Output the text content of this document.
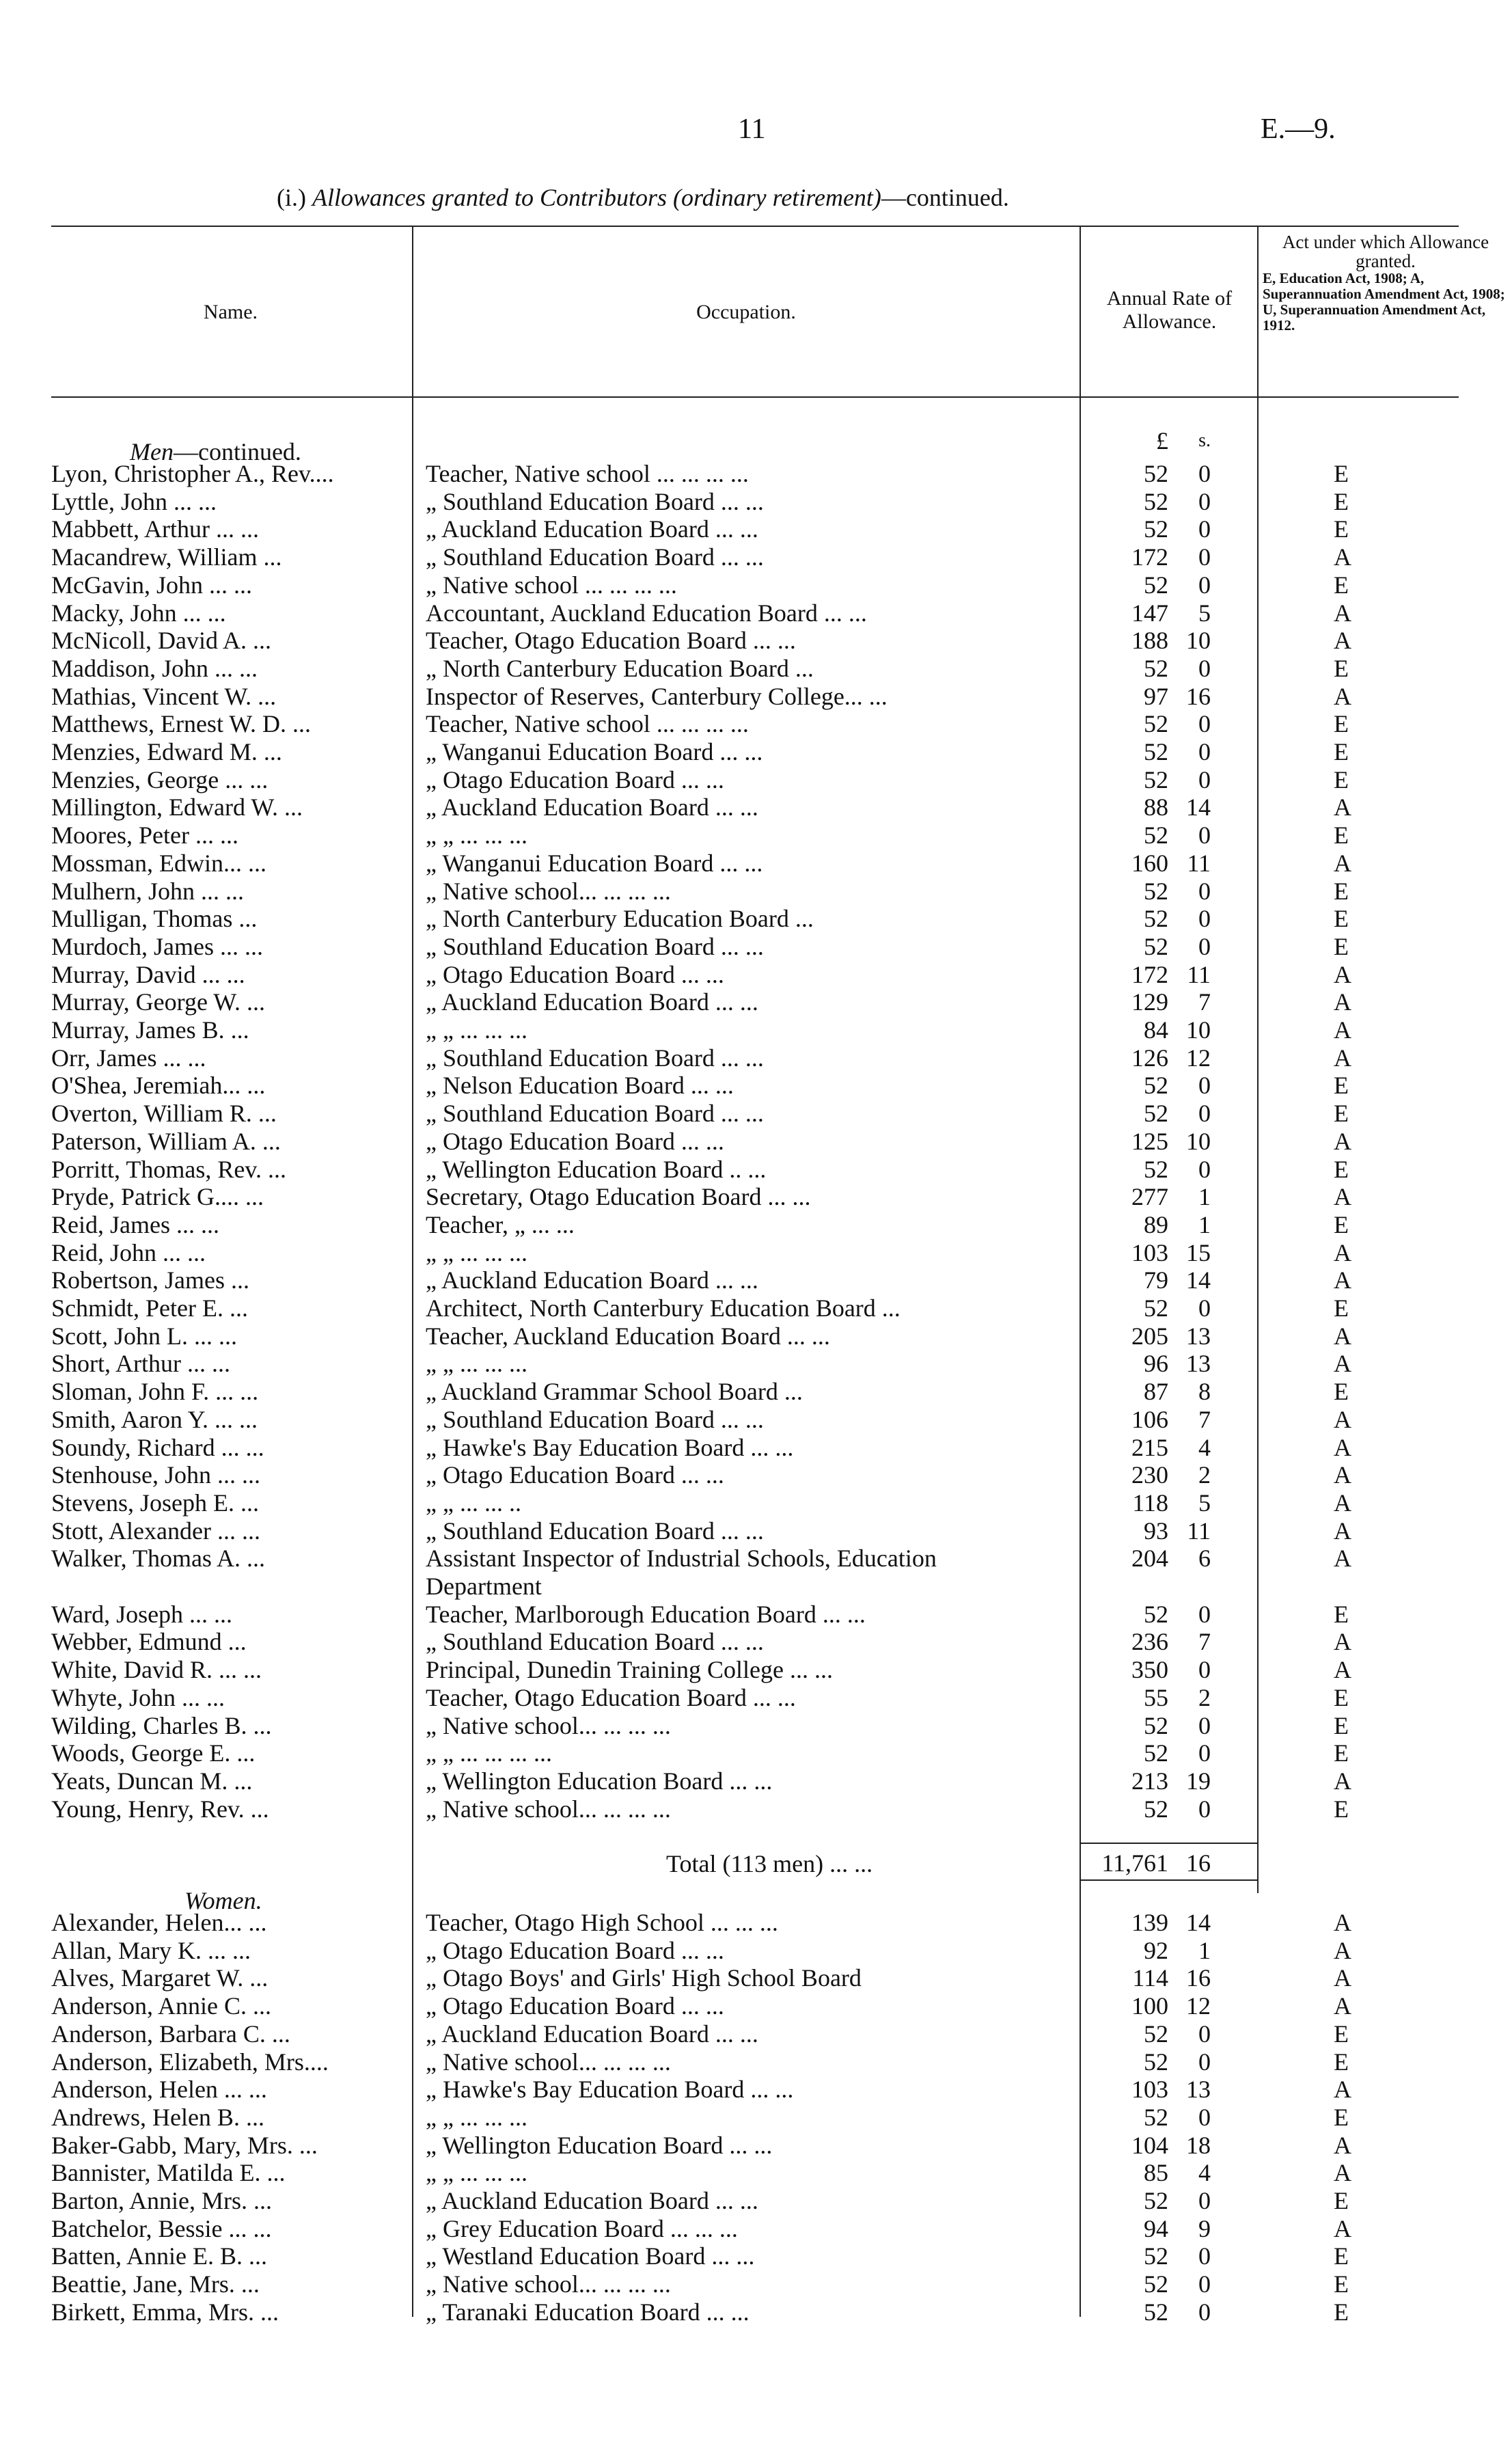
11	E.—9.
(i.) Allowances granted to Contributors (ordinary retirement)—continued.
Name.	Occupation.
Annual Rate of Allowance.
Act under which Allowance granted.
E, Education Act, 1908; A, Superannuation Amendment Act, 1908; U, Superannuation Amendment Act, 1912.
£	s.
Men—continued.
Lyon, Christopher A., Rev....	Teacher, Native school ... ... ... ...	52	0	E
Lyttle, John ... ...	„ Southland Education Board ... ...	52	0	E
Mabbett, Arthur ... ...	„ Auckland Education Board ... ...	52	0	E
Macandrew, William ...	„ Southland Education Board ... ...	172	0	A
McGavin, John ... ...	„ Native school ... ... ... ...	52	0	E
Macky, John ... ...	Accountant, Auckland Education Board ... ...	147	5	A
McNicoll, David A. ...	Teacher, Otago Education Board ... ...	188 10	A
Maddison, John ... ...	„ North Canterbury Education Board ...	52	0	E
Mathias, Vincent W. ...	Inspector of Reserves, Canterbury College... ...	97 16	A
Matthews, Ernest W. D. ...	Teacher, Native school ... ... ... ...	52	0	E
Menzies, Edward M. ...	„ Wanganui Education Board ... ...	52	0	E
Menzies, George ... ...	„ Otago Education Board ... ...	52	0	E
Millington, Edward W. ...	„ Auckland Education Board ... ...	88 14	A
Moores, Peter ... ...	„ „ ... ... ...	52	0	E
Mossman, Edwin... ...	„ Wanganui Education Board ... ...	160 11	A
Mulhern, John ... ...	„ Native school... ... ... ...	52	0	E
Mulligan, Thomas ...	„ North Canterbury Education Board ...	52	0	E
Murdoch, James ... ...	„ Southland Education Board ... ...	52	0	E
Murray, David ... ...	„ Otago Education Board ... ...	172 11	A
Murray, George W. ...	„ Auckland Education Board ... ...	129	7	A
Murray, James B. ...	„ „ ... ... ...	84 10	A
Orr, James ... ...	„ Southland Education Board ... ...	126 12	A
O'Shea, Jeremiah... ...	„ Nelson Education Board ... ...	52	0	E
Overton, William R. ...	„ Southland Education Board ... ...	52	0	E
Paterson, William A. ...	„ Otago Education Board ... ...	125 10	A
Porritt, Thomas, Rev. ...	„ Wellington Education Board .. ...	52	0	E
Pryde, Patrick G.... ...	Secretary, Otago Education Board ... ...	277	1	A
Reid, James ... ...	Teacher, „ ... ...	89	1	E
Reid, John ... ...	„ „ ... ... ...	103 15	A
Robertson, James ...	„ Auckland Education Board ... ...	79 14	A
Schmidt, Peter E. ...	Architect, North Canterbury Education Board ...	52	0	E
Scott, John L. ... ...	Teacher, Auckland Education Board ... ...	205 13	A
Short, Arthur ... ...	„ „ ... ... ...	96 13	A
Sloman, John F. ... ...	„ Auckland Grammar School Board ...	87	8	E
Smith, Aaron Y. ... ...	„ Southland Education Board ... ...	106	7	A
Soundy, Richard ... ...	„ Hawke's Bay Education Board ... ...	215	4	A
Stenhouse, John ... ...	„ Otago Education Board ... ...	230	2	A
Stevens, Joseph E. ...	„ „ ... ... ..	118	5	A
Stott, Alexander ... ...	„ Southland Education Board ... ...	93 11	A
Walker, Thomas A. ...	Assistant Inspector of Industrial Schools, Education	204	6	A
Department
Ward, Joseph ... ...	Teacher, Marlborough Education Board ... ...	52	0	E
Webber, Edmund ...	„ Southland Education Board ... ...	236	7	A
White, David R. ... ...	Principal, Dunedin Training College ... ...	350	0	A
Whyte, John ... ...	Teacher, Otago Education Board ... ...	55	2	E
Wilding, Charles B. ...	„ Native school... ... ... ...	52	0	E
Woods, George E. ...	„ „ ... ... ... ...	52	0	E
Yeats, Duncan M. ...	„ Wellington Education Board ... ...	213 19	A
Young, Henry, Rev. ...	„ Native school... ... ... ...	52	0	E
Total (113 men) ... ...	11,761 16
Women.
Alexander, Helen... ...	Teacher, Otago High School ... ... ...	139 14	A
Allan, Mary K. ... ...	„ Otago Education Board ... ...	92	1	A
Alves, Margaret W. ...	„ Otago Boys' and Girls' High School Board	114 16	A
Anderson, Annie C. ...	„ Otago Education Board ... ...	100 12	A
Anderson, Barbara C. ...	„ Auckland Education Board ... ...	52	0	E
Anderson, Elizabeth, Mrs....	„ Native school... ... ... ...	52	0	E
Anderson, Helen ... ...	„ Hawke's Bay Education Board ... ...	103 13	A
Andrews, Helen B. ...	„ „ ... ... ...	52	0	E
Baker-Gabb, Mary, Mrs. ...	„ Wellington Education Board ... ...	104 18	A
Bannister, Matilda E. ...	„ „ ... ... ...	85	4	A
Barton, Annie, Mrs. ...	„ Auckland Education Board ... ...	52	0	E
Batchelor, Bessie ... ...	„ Grey Education Board ... ... ...	94	9	A
Batten, Annie E. B. ...	„ Westland Education Board ... ...	52	0	E
Beattie, Jane, Mrs. ...	„ Native school... ... ... ...	52	0	E
Birkett, Emma, Mrs. ...	„ Taranaki Education Board ... ...	52	0	E
